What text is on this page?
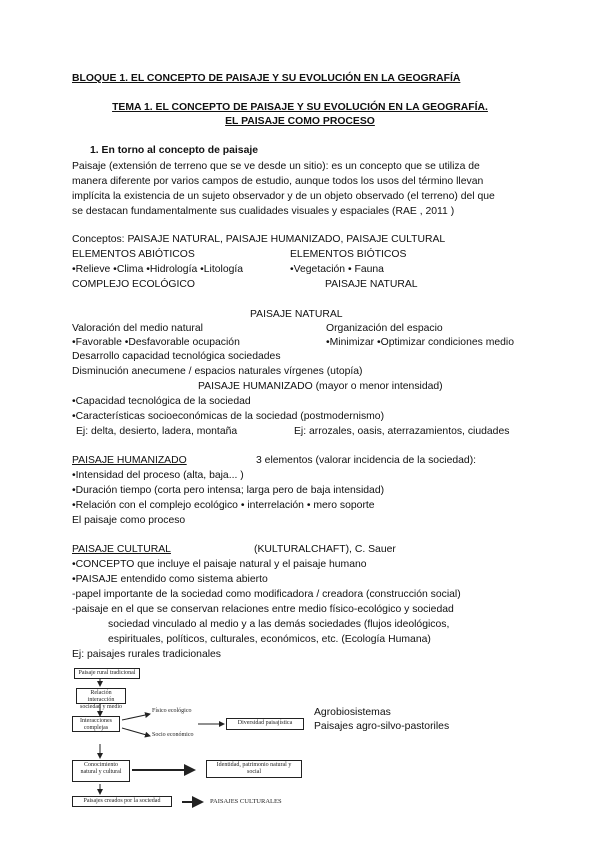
BLOQUE 1. EL CONCEPTO DE PAISAJE Y SU EVOLUCIÓN EN LA GEOGRAFÍA
TEMA 1. EL CONCEPTO DE PAISAJE Y SU EVOLUCIÓN EN LA GEOGRAFÍA.
EL PAISAJE COMO PROCESO
1. En torno al concepto de paisaje
Paisaje (extensión de terreno que se ve desde un sitio): es un concepto que se utiliza de
manera diferente por varios campos de estudio, aunque todos los usos del término llevan
implícita la existencia de un sujeto observador y de un objeto observado (el terreno) del que
se destacan fundamentalmente sus cualidades visuales y espaciales (RAE , 2011 )
Conceptos: PAISAJE NATURAL, PAISAJE HUMANIZADO, PAISAJE CULTURAL
ELEMENTOS ABIÓTICOS	ELEMENTOS BIÓTICOS
•Relieve •Clima •Hidrología •Litología	•Vegetación • Fauna
COMPLEJO ECOLÓGICO	PAISAJE NATURAL
PAISAJE NATURAL
Valoración del medio natural	Organización del espacio
•Favorable •Desfavorable ocupación	•Minimizar •Optimizar condiciones medio
Desarrollo capacidad tecnológica sociedades
Disminución anecumene / espacios naturales vírgenes (utopía)
PAISAJE HUMANIZADO (mayor o menor intensidad)
•Capacidad tecnológica de la sociedad
•Características socioeconómicas de la sociedad (postmodernismo)
Ej: delta, desierto, ladera, montaña	Ej: arrozales, oasis, aterrazamientos, ciudades
PAISAJE HUMANIZADO	3 elementos (valorar incidencia de la sociedad):
•Intensidad del proceso (alta, baja... )
•Duración tiempo (corta pero intensa; larga pero de baja intensidad)
•Relación con el complejo ecológico • interrelación • mero soporte
El paisaje como proceso
PAISAJE CULTURAL	(KULTURALCHAFT), C. Sauer
•CONCEPTO que incluye el paisaje natural y el paisaje humano
•PAISAJE entendido como sistema abierto
-papel importante de la sociedad como modificadora / creadora (construcción social)
-paisaje en el que se conservan relaciones entre medio físico-ecológico y sociedad
sociedad vinculado al medio y a las demás sociedades (flujos ideológicos,
espirituales, políticos, culturales, económicos, etc. (Ecología Humana)
Ej: paisajes rurales tradicionales
Agrobiosistemas
Paisajes agro-silvo-pastoriles
Paisaje rural tradicional
Relación interacción sociedad y medio
Interacciones complejas
Físico ecológico
Socio económico
Diversidad paisajística
Conocimiento natural y cultural
Identidad, patrimonio natural y social
Paisajes creados por la sociedad	PAISAJES CULTURALES
